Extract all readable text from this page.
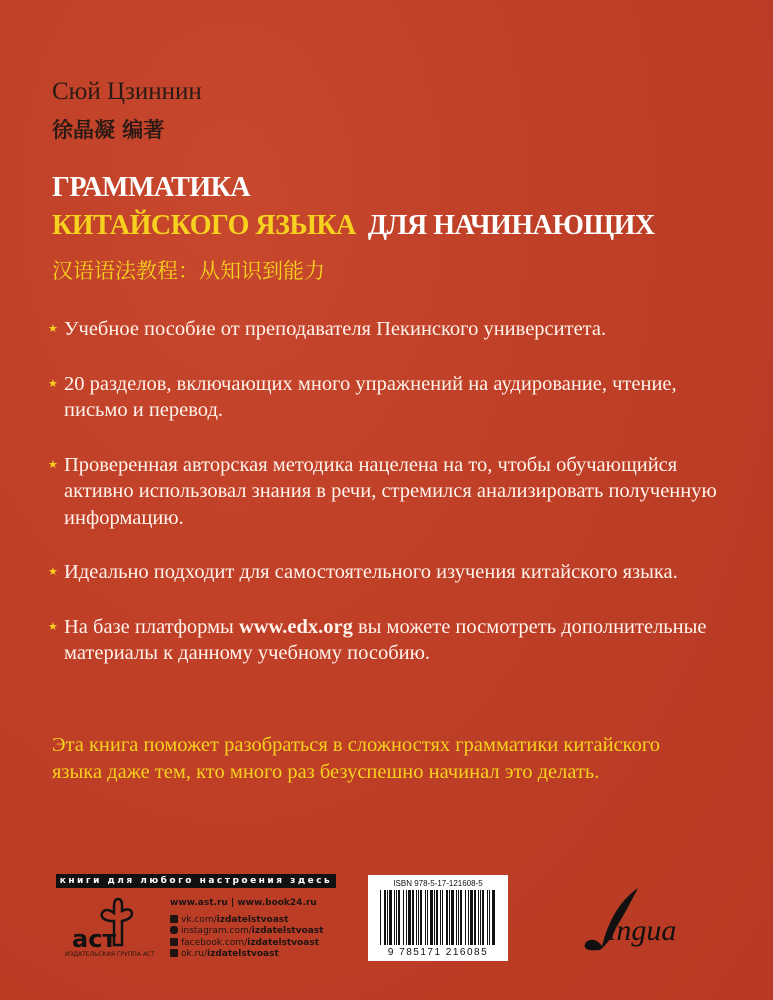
Сюй Цзиннин
徐晶凝 编著
ГРАММАТИКА
КИТАЙСКОГО ЯЗЫКА ДЛЯ НАЧИНАЮЩИХ
汉语语法教程：从知识到能力
★ Учебное пособие от преподавателя Пекинского университета.
★ 20 разделов, включающих много упражнений на аудирование, чтение, письмо и перевод.
★ Проверенная авторская методика нацелена на то, чтобы обучающийся активно использовал знания в речи, стремился анализировать полученную информацию.
★ Идеально подходит для самостоятельного изучения китайского языка.
★ На базе платформы www.edx.org вы можете посмотреть дополнительные материалы к данному учебному пособию.
Эта книга поможет разобраться в сложностях грамматики китайского языка даже тем, кто много раз безуспешно начинал это делать.
книги для любого настроения здесь
аст
ИЗДАТЕЛЬСКАЯ ГРУППА АСТ
www.ast.ru | www.book24.ru
vk.com/izdatelstvoast
instagram.com/izdatelstvoast
facebook.com/izdatelstvoast
ok.ru/izdatelstvoast
ISBN 978-5-17-121608-5
9 785171 216085
ingua
